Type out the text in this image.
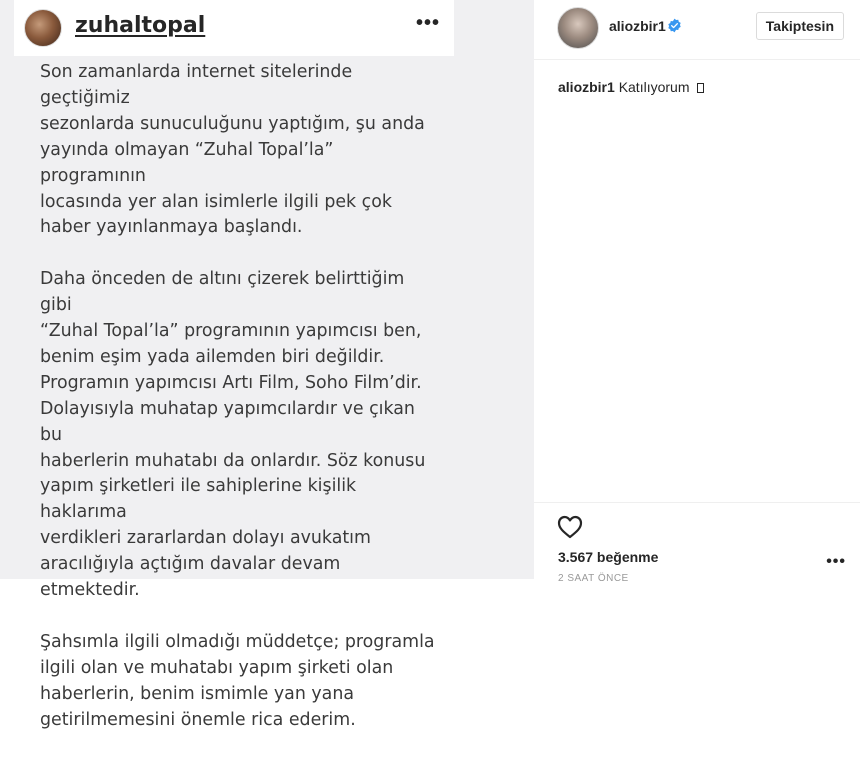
zuhaltopal	•••

Son zamanlarda internet sitelerinde geçtiğimiz
sezonlarda sunuculuğunu yaptığım, şu anda
yayında olmayan “Zuhal Topal’la” programının
locasında yer alan isimlerle ilgili pek çok
haber yayınlanmaya başlandı.

Daha önceden de altını çizerek belirttiğim gibi
“Zuhal Topal’la” programının yapımcısı ben,
benim eşim yada ailemden biri değildir.
Programın yapımcısı Artı Film, Soho Film’dir.
Dolayısıyla muhatap yapımcılardır ve çıkan bu
haberlerin muhatabı da onlardır. Söz konusu
yapım şirketleri ile sahiplerine kişilik haklarıma
verdikleri zararlardan dolayı avukatım
aracılığıyla açtığım davalar devam etmektedir.

Şahsımla ilgili olmadığı müddetçe; programla
ilgili olan ve muhatabı yapım şirketi olan
haberlerin, benim ismimle yan yana
getirilmemesini önemle rica ederim.

aliozbir1	Takiptesin
aliozbir1 Katılıyorum
3.567 beğenme
2 SAAT ÖNCE
•••
